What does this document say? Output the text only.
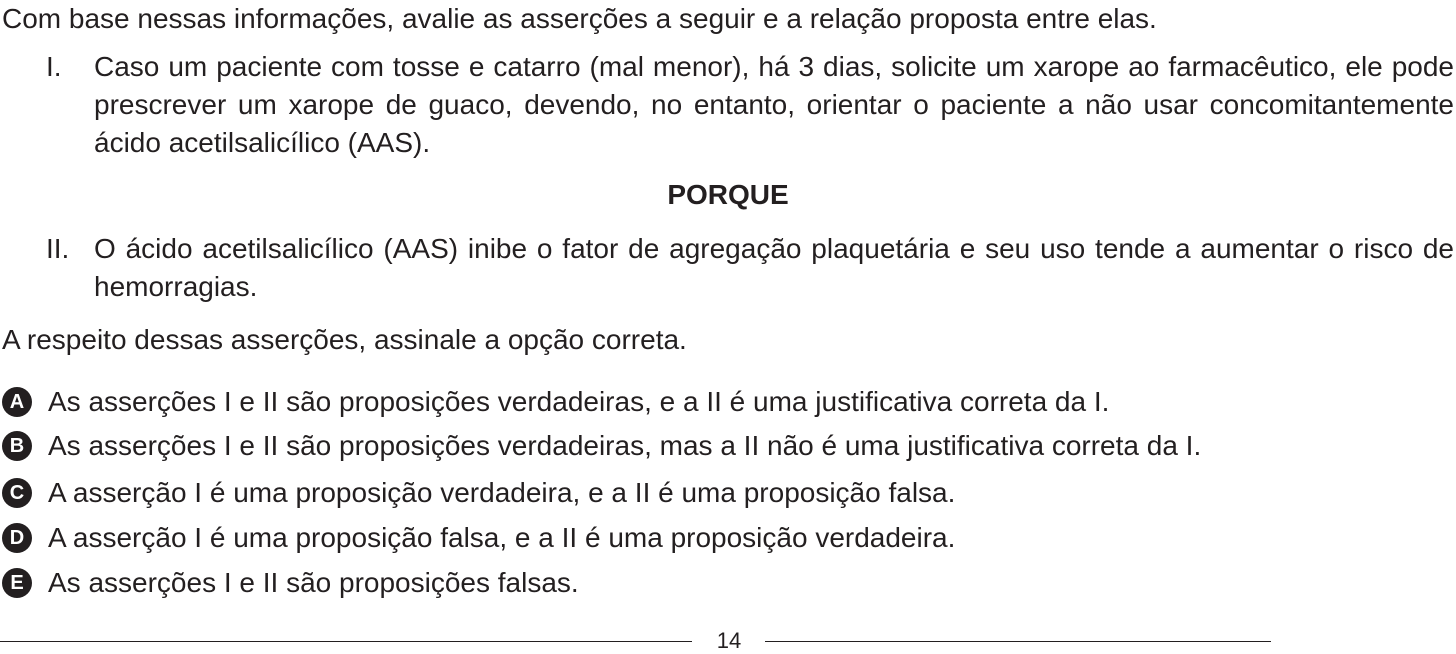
Com base nessas informações, avalie as asserções a seguir e a relação proposta entre elas.
I. Caso um paciente com tosse e catarro (mal menor), há 3 dias, solicite um xarope ao farmacêutico, ele pode prescrever um xarope de guaco, devendo, no entanto, orientar o paciente a não usar concomitantemente ácido acetilsalicílico (AAS).
PORQUE
II. O ácido acetilsalicílico (AAS) inibe o fator de agregação plaquetária e seu uso tende a aumentar o risco de hemorragias.
A respeito dessas asserções, assinale a opção correta.
A As asserções I e II são proposições verdadeiras, e a II é uma justificativa correta da I.
B As asserções I e II são proposições verdadeiras, mas a II não é uma justificativa correta da I.
C A asserção I é uma proposição verdadeira, e a II é uma proposição falsa.
D A asserção I é uma proposição falsa, e a II é uma proposição verdadeira.
E As asserções I e II são proposições falsas.
14
